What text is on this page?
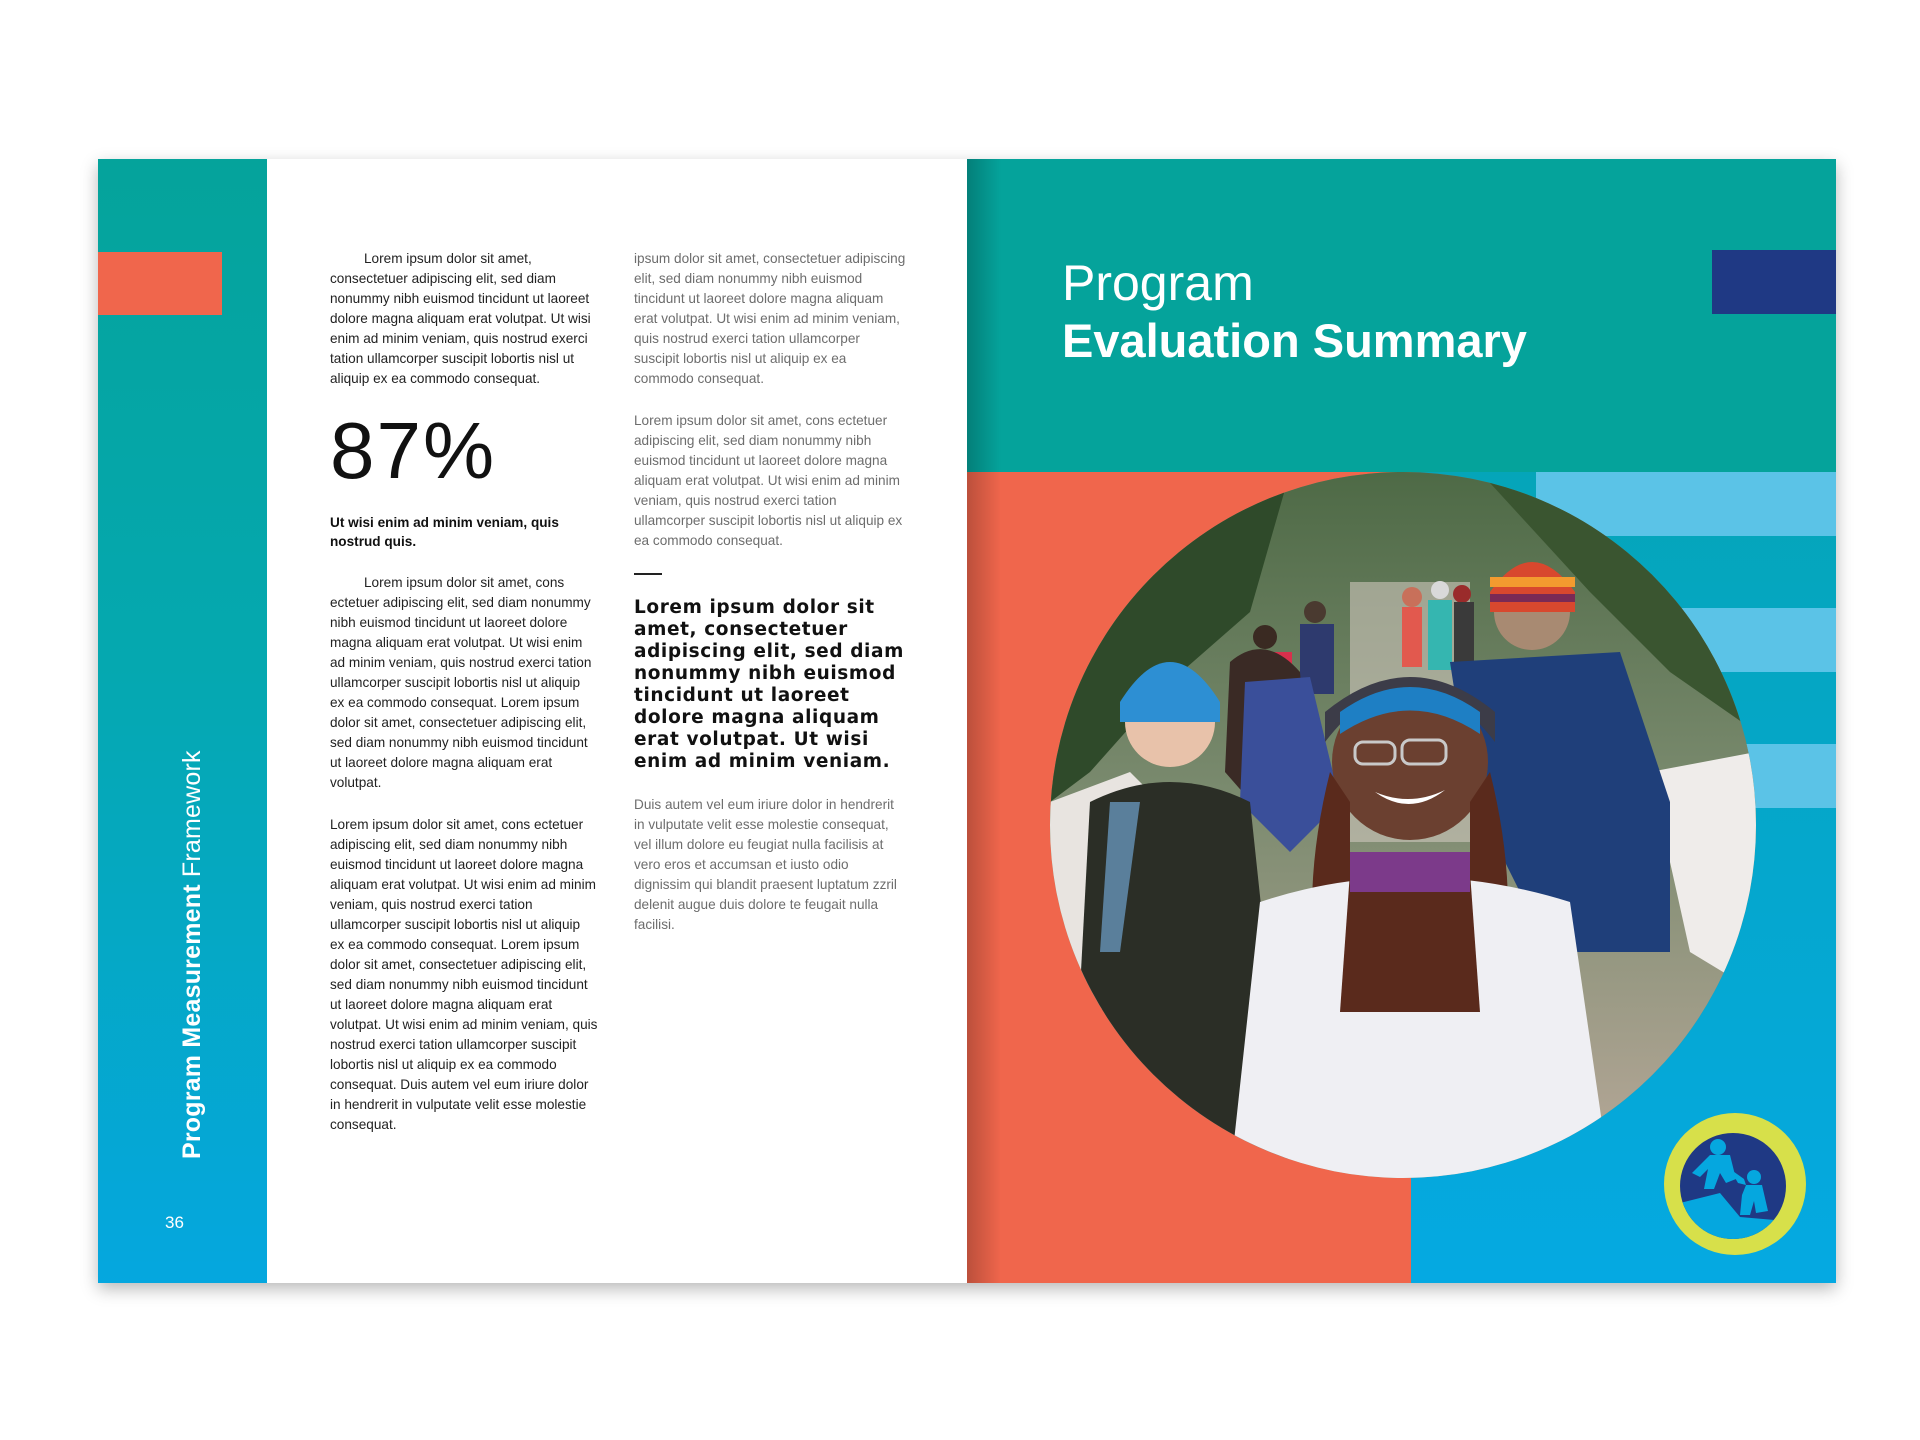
Program Measurement Framework
36

Lorem ipsum dolor sit amet, consectetuer adipiscing elit, sed diam nonummy nibh euismod tincidunt ut laoreet dolore magna aliquam erat volutpat. Ut wisi enim ad minim veniam, quis nostrud exerci tation ullamcorper suscipit lobortis nisl ut aliquip ex ea commodo consequat.

87%

Ut wisi enim ad minim veniam, quis nostrud quis.

Lorem ipsum dolor sit amet, cons ectetuer adipiscing elit, sed diam nonummy nibh euismod tincidunt ut laoreet dolore magna aliquam erat volutpat. Ut wisi enim ad minim veniam, quis nostrud exerci tation ullamcorper suscipit lobortis nisl ut aliquip ex ea commodo consequat. Lorem ipsum dolor sit amet, consectetuer adipiscing elit, sed diam nonummy nibh euismod tincidunt ut laoreet dolore magna aliquam erat volutpat.

Lorem ipsum dolor sit amet, cons ectetuer adipiscing elit, sed diam nonummy nibh euismod tincidunt ut laoreet dolore magna aliquam erat volutpat. Ut wisi enim ad minim veniam, quis nostrud exerci tation ullamcorper suscipit lobortis nisl ut aliquip ex ea commodo consequat. Lorem ipsum dolor sit amet, consectetuer adipiscing elit, sed diam nonummy nibh euismod tincidunt ut laoreet dolore magna aliquam erat volutpat. Ut wisi enim ad minim veniam, quis nostrud exerci tation ullamcorper suscipit lobortis nisl ut aliquip ex ea commodo consequat. Duis autem vel eum iriure dolor in hendrerit in vulputate velit esse molestie consequat.

ipsum dolor sit amet, consectetuer adipiscing elit, sed diam nonummy nibh euismod tincidunt ut laoreet dolore magna aliquam erat volutpat. Ut wisi enim ad minim veniam, quis nostrud exerci tation ullamcorper suscipit lobortis nisl ut aliquip ex ea commodo consequat.

Lorem ipsum dolor sit amet, cons ectetuer adipiscing elit, sed diam nonummy nibh euismod tincidunt ut laoreet dolore magna aliquam erat volutpat. Ut wisi enim ad minim veniam, quis nostrud exerci tation ullamcorper suscipit lobortis nisl ut aliquip ex ea commodo consequat.

Lorem ipsum dolor sit amet, consectetuer adipiscing elit, sed diam nonummy nibh euismod tincidunt ut laoreet dolore magna aliquam erat volutpat. Ut wisi enim ad minim veniam.

Duis autem vel eum iriure dolor in hendrerit in vulputate velit esse molestie consequat, vel illum dolore eu feugiat nulla facilisis at vero eros et accumsan et iusto odio dignissim qui blandit praesent luptatum zzril delenit augue duis dolore te feugait nulla facilisi.

Program
Evaluation Summary
